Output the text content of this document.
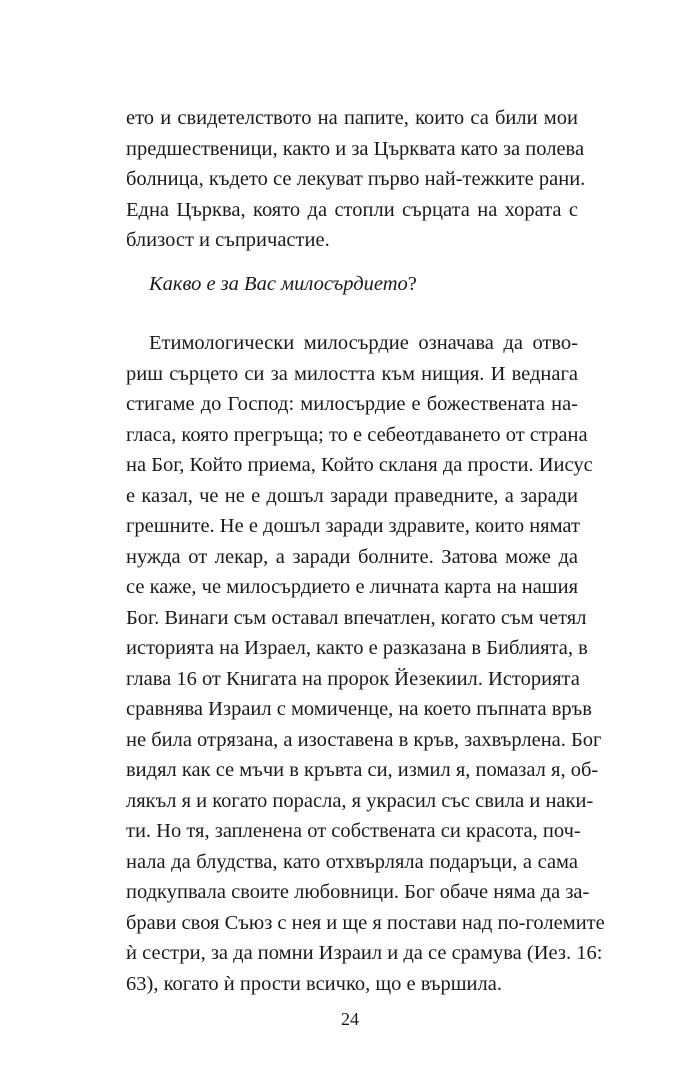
ето и свидетелството на папите, които са били мои
предшественици, както и за Църквата като за полева
болница, където се лекуват първо най-тежките рани.
Една Църква, която да стопли сърцата на хората с
близост и съпричастие.
Какво е за Вас милосърдието?
Етимологически милосърдие означава да отво-
риш сърцето си за милостта към нищия. И веднага
стигаме до Господ: милосърдие е божествената на-
гласа, която прегръща; то е себеотдаването от страна
на Бог, Който приема, Който скланя да прости. Иисус
е казал, че не е дошъл заради праведните, а заради
грешните. Не е дошъл заради здравите, които нямат
нужда от лекар, а заради болните. Затова може да
се каже, че милосърдието е личната карта на нашия
Бог. Винаги съм оставал впечатлен, когато съм четял
историята на Израел, както е разказана в Библията, в
глава 16 от Книгата на пророк Йезекиил. Историята
сравнява Израил с момиченце, на което пъпната връв
не била отрязана, а изоставена в кръв, захвърлена. Бог
видял как се мъчи в кръвта си, измил я, помазал я, об-
лякъл я и когато порасла, я украсил със свила и наки-
ти. Но тя, запленена от собствената си красота, поч-
нала да блудства, като отхвърляла подаръци, а сама
подкупвала своите любовници. Бог обаче няма да за-
брави своя Съюз с нея и ще я постави над по-големите
ѝ сестри, за да помни Израил и да се срамува (Иез. 16:
63), когато ѝ прости всичко, що е вършила.
24
